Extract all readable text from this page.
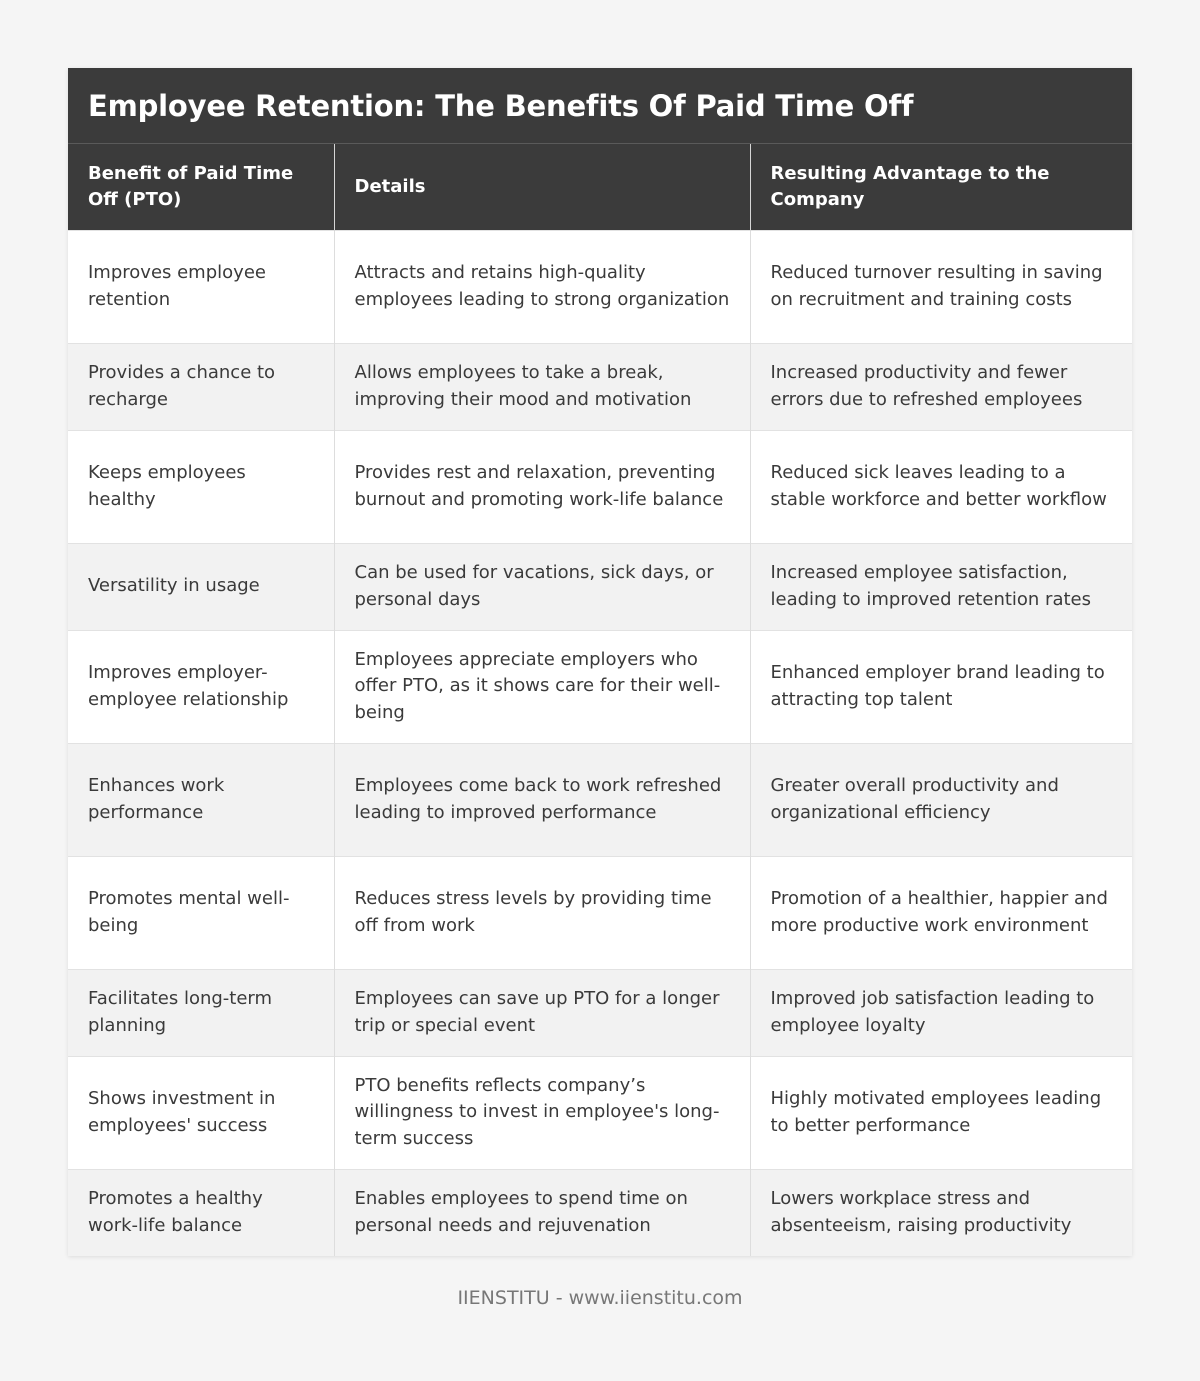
Employee Retention: The Benefits Of Paid Time Off
Benefit of Paid Time Off (PTO)	Details	Resulting Advantage to the Company
Improves employee retention	Attracts and retains high-quality employees leading to strong organization	Reduced turnover resulting in saving on recruitment and training costs
Provides a chance to recharge	Allows employees to take a break, improving their mood and motivation	Increased productivity and fewer errors due to refreshed employees
Keeps employees healthy	Provides rest and relaxation, preventing burnout and promoting work-life balance	Reduced sick leaves leading to a stable workforce and better workflow
Versatility in usage	Can be used for vacations, sick days, or personal days	Increased employee satisfaction, leading to improved retention rates
Improves employer-employee relationship	Employees appreciate employers who offer PTO, as it shows care for their well-being	Enhanced employer brand leading to attracting top talent
Enhances work performance	Employees come back to work refreshed leading to improved performance	Greater overall productivity and organizational efficiency
Promotes mental well-being	Reduces stress levels by providing time off from work	Promotion of a healthier, happier and more productive work environment
Facilitates long-term planning	Employees can save up PTO for a longer trip or special event	Improved job satisfaction leading to employee loyalty
Shows investment in employees' success	PTO benefits reflects company’s willingness to invest in employee's long-term success	Highly motivated employees leading to better performance
Promotes a healthy work-life balance	Enables employees to spend time on personal needs and rejuvenation	Lowers workplace stress and absenteeism, raising productivity
IIENSTITU - www.iienstitu.com
